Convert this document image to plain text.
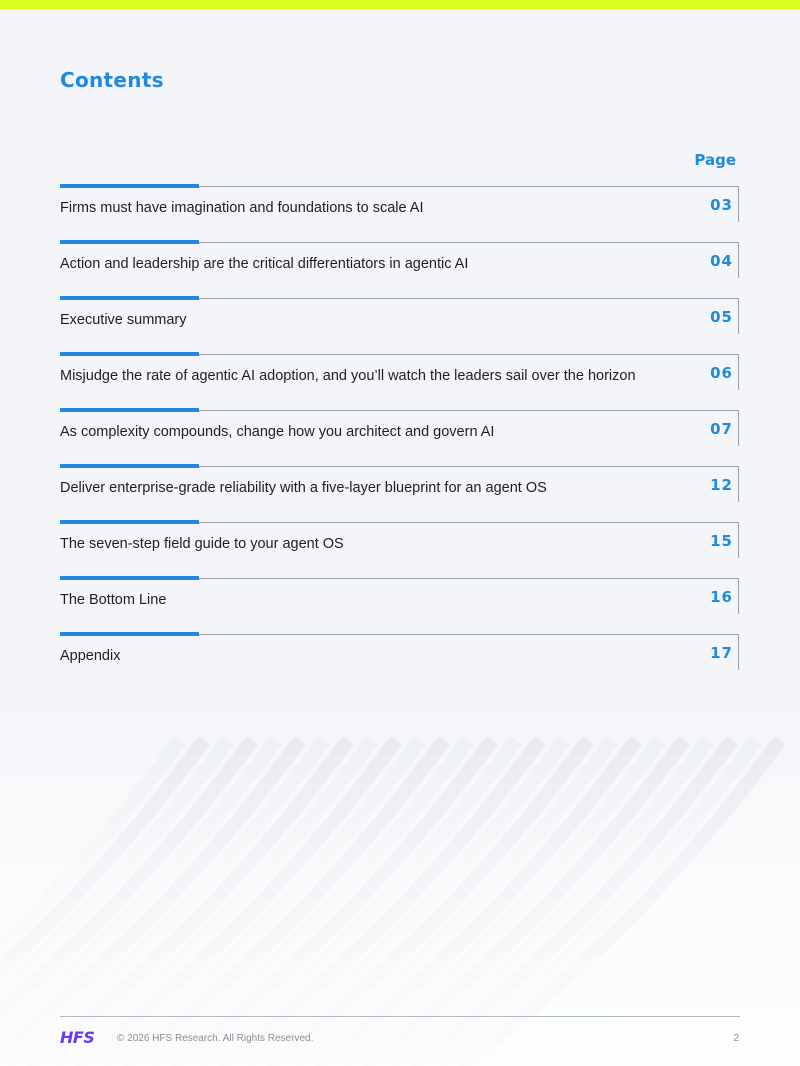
Contents
Page
Firms must have imagination and foundations to scale AI	03
Action and leadership are the critical differentiators in agentic AI	04
Executive summary	05
Misjudge the rate of agentic AI adoption, and you’ll watch the leaders sail over the horizon	06
As complexity compounds, change how you architect and govern AI	07
Deliver enterprise-grade reliability with a five-layer blueprint for an agent OS	12
The seven-step field guide to your agent OS	15
The Bottom Line	16
Appendix	17
HFS © 2026 HFS Research. All Rights Reserved.	2
